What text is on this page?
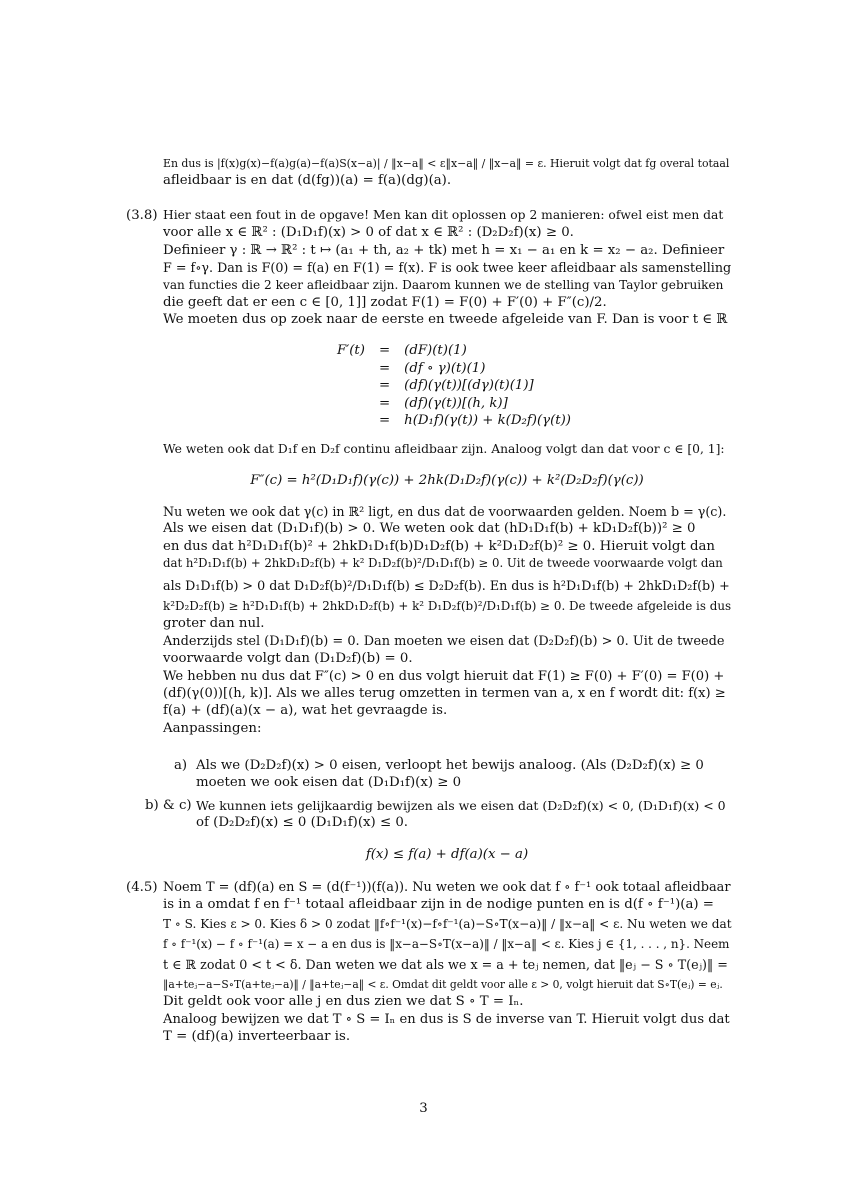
En dus is |f(x)g(x)−f(a)g(a)−f(a)S(x−a)| / ‖x−a‖ < ε‖x−a‖ / ‖x−a‖ = ε. Hieruit volgt dat fg overal totaal
afleidbaar is en dat (d(fg))(a) = f(a)(dg)(a).
(3.8) Hier staat een fout in de opgave! Men kan dit oplossen op 2 manieren: ofwel eist men dat
voor alle x ∈ ℝ² : (D₁D₁f)(x) > 0 of dat x ∈ ℝ² : (D₂D₂f)(x) ≥ 0.
Definieer γ : ℝ → ℝ² : t ↦ (a₁ + th, a₂ + tk) met h = x₁ − a₁ en k = x₂ − a₂. Definieer
F = f∘γ. Dan is F(0) = f(a) en F(1) = f(x). F is ook twee keer afleidbaar als samenstelling
van functies die 2 keer afleidbaar zijn. Daarom kunnen we de stelling van Taylor gebruiken
die geeft dat er een c ∈ [0, 1]] zodat F(1) = F(0) + F′(0) + F″(c)/2.
We moeten dus op zoek naar de eerste en tweede afgeleide van F. Dan is voor t ∈ ℝ
F′(t)	=	(dF)(t)(1)
	=	(df ∘ γ)(t)(1)
	=	(df)(γ(t))[(dγ)(t)(1)]
	=	(df)(γ(t))[(h, k)]
	=	h(D₁f)(γ(t)) + k(D₂f)(γ(t))
We weten ook dat D₁f en D₂f continu afleidbaar zijn. Analoog volgt dan dat voor c ∈ [0, 1]:
F″(c) = h²(D₁D₁f)(γ(c)) + 2hk(D₁D₂f)(γ(c)) + k²(D₂D₂f)(γ(c))
Nu weten we ook dat γ(c) in ℝ² ligt, en dus dat de voorwaarden gelden. Noem b = γ(c).
Als we eisen dat (D₁D₁f)(b) > 0. We weten ook dat (hD₁D₁f(b) + kD₁D₂f(b))² ≥ 0
en dus dat h²D₁D₁f(b)² + 2hkD₁D₁f(b)D₁D₂f(b) + k²D₁D₂f(b)² ≥ 0. Hieruit volgt dan
dat h²D₁D₁f(b) + 2hkD₁D₂f(b) + k² D₁D₂f(b)²/D₁D₁f(b) ≥ 0. Uit de tweede voorwaarde volgt dan
als D₁D₁f(b) > 0 dat D₁D₂f(b)²/D₁D₁f(b) ≤ D₂D₂f(b). En dus is h²D₁D₁f(b) + 2hkD₁D₂f(b) +
k²D₂D₂f(b) ≥ h²D₁D₁f(b) + 2hkD₁D₂f(b) + k² D₁D₂f(b)²/D₁D₁f(b) ≥ 0. De tweede afgeleide is dus
groter dan nul.
Anderzijds stel (D₁D₁f)(b) = 0. Dan moeten we eisen dat (D₂D₂f)(b) > 0. Uit de tweede
voorwaarde volgt dan (D₁D₂f)(b) = 0.
We hebben nu dus dat F″(c) > 0 en dus volgt hieruit dat F(1) ≥ F(0) + F′(0) = F(0) +
(df)(γ(0))[(h, k)]. Als we alles terug omzetten in termen van a, x en f wordt dit: f(x) ≥
f(a) + (df)(a)(x − a), wat het gevraagde is.
Aanpassingen:
a) Als we (D₂D₂f)(x) > 0 eisen, verloopt het bewijs analoog. (Als (D₂D₂f)(x) ≥ 0
moeten we ook eisen dat (D₁D₁f)(x) ≥ 0
b) & c) We kunnen iets gelijkaardig bewijzen als we eisen dat (D₂D₂f)(x) < 0, (D₁D₁f)(x) < 0
of (D₂D₂f)(x) ≤ 0 (D₁D₁f)(x) ≤ 0.
f(x) ≤ f(a) + df(a)(x − a)
(4.5) Noem T = (df)(a) en S = (d(f⁻¹))(f(a)). Nu weten we ook dat f ∘ f⁻¹ ook totaal afleidbaar
is in a omdat f en f⁻¹ totaal afleidbaar zijn in de nodige punten en is d(f ∘ f⁻¹)(a) =
T ∘ S. Kies ε > 0. Kies δ > 0 zodat ‖f∘f⁻¹(x)−f∘f⁻¹(a)−S∘T(x−a)‖ / ‖x−a‖ < ε. Nu weten we dat
f ∘ f⁻¹(x) − f ∘ f⁻¹(a) = x − a en dus is ‖x−a−S∘T(x−a)‖ / ‖x−a‖ < ε. Kies j ∈ {1, . . . , n}. Neem
t ∈ ℝ zodat 0 < t < δ. Dan weten we dat als we x = a + teⱼ nemen, dat ‖eⱼ − S ∘ T(eⱼ)‖ =
‖a+teⱼ−a−S∘T(a+teⱼ−a)‖ / ‖a+teⱼ−a‖ < ε. Omdat dit geldt voor alle ε > 0, volgt hieruit dat S∘T(eⱼ) = eⱼ.
Dit geldt ook voor alle j en dus zien we dat S ∘ T = Iₙ.
Analoog bewijzen we dat T ∘ S = Iₙ en dus is S de inverse van T. Hieruit volgt dus dat
T = (df)(a) inverteerbaar is.
3
